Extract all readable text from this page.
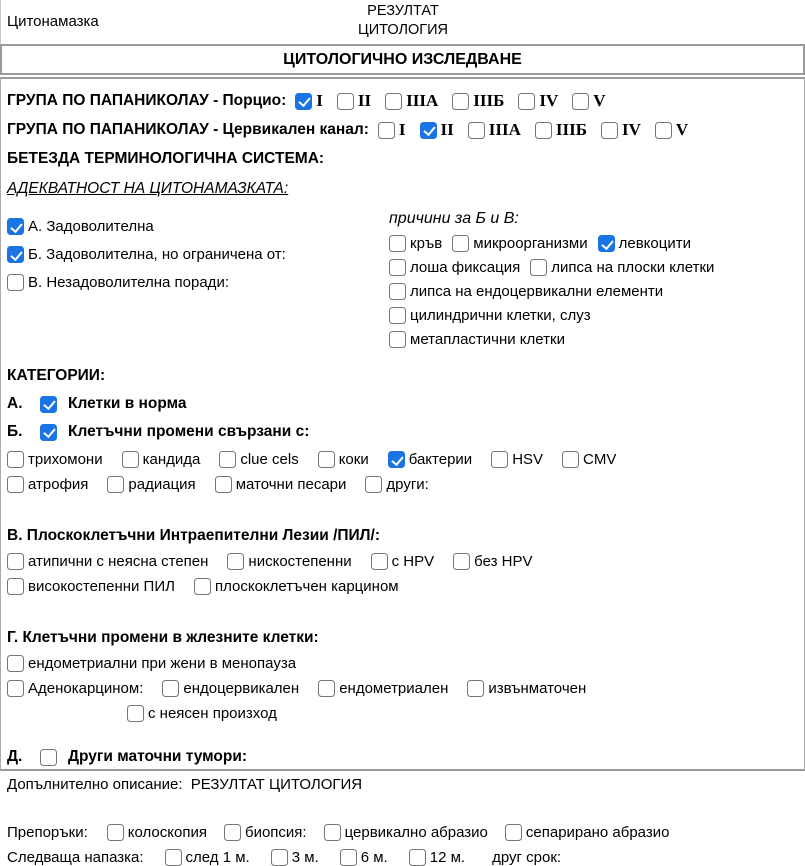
Цитонамазка
РЕЗУЛТАТ
ЦИТОЛОГИЯ
ЦИТОЛОГИЧНО ИЗСЛЕДВАНЕ
ГРУПА ПО ПАПАНИКОЛАУ - Порцио: I II IIIA IIIБ IV V
ГРУПА ПО ПАПАНИКОЛАУ - Цервикален канал: I II IIIA IIIБ IV V
БЕТЕЗДА ТЕРМИНОЛОГИЧНА СИСТЕМА:
АДЕКВАТНОСТ НА ЦИТОНАМАЗКАТА:
А. Задоволителна
Б. Задоволителна, но ограничена от:
В. Незадоволителна поради:
причини за Б и В:
кръв микроорганизми левкоцити
лоша фиксация липса на плоски клетки
липса на ендоцервикални елементи
цилиндрични клетки, слуз
метапластични клетки
КАТЕГОРИИ:
А.	Клетки в норма
Б.	Клетъчни промени свързани с:
трихомони	кандида	clue cels	коки	бактерии	HSV	CMV
атрофия	радиация	маточни песари	други:
В. Плоскоклетъчни Интраепителни Лезии /ПИЛ/:
атипични с неясна степен	нискостепенни	с HPV	без HPV
високостепенни ПИЛ	плоскоклетъчен карцином
Г. Клетъчни промени в жлезните клетки:
ендометриални при жени в менопауза
Аденокарцином:	ендоцервикален	ендометриален	извънматочен
с неясен произход
Д.	Други маточни тумори:
Допълнително описание: РЕЗУЛТАТ ЦИТОЛОГИЯ
Препоръки:	колоскопия	биопсия:	цервикално абразио	сепарирано абразио
Следваща напазка:	след 1 м.	3 м.	6 м.	12 м. друг срок:
